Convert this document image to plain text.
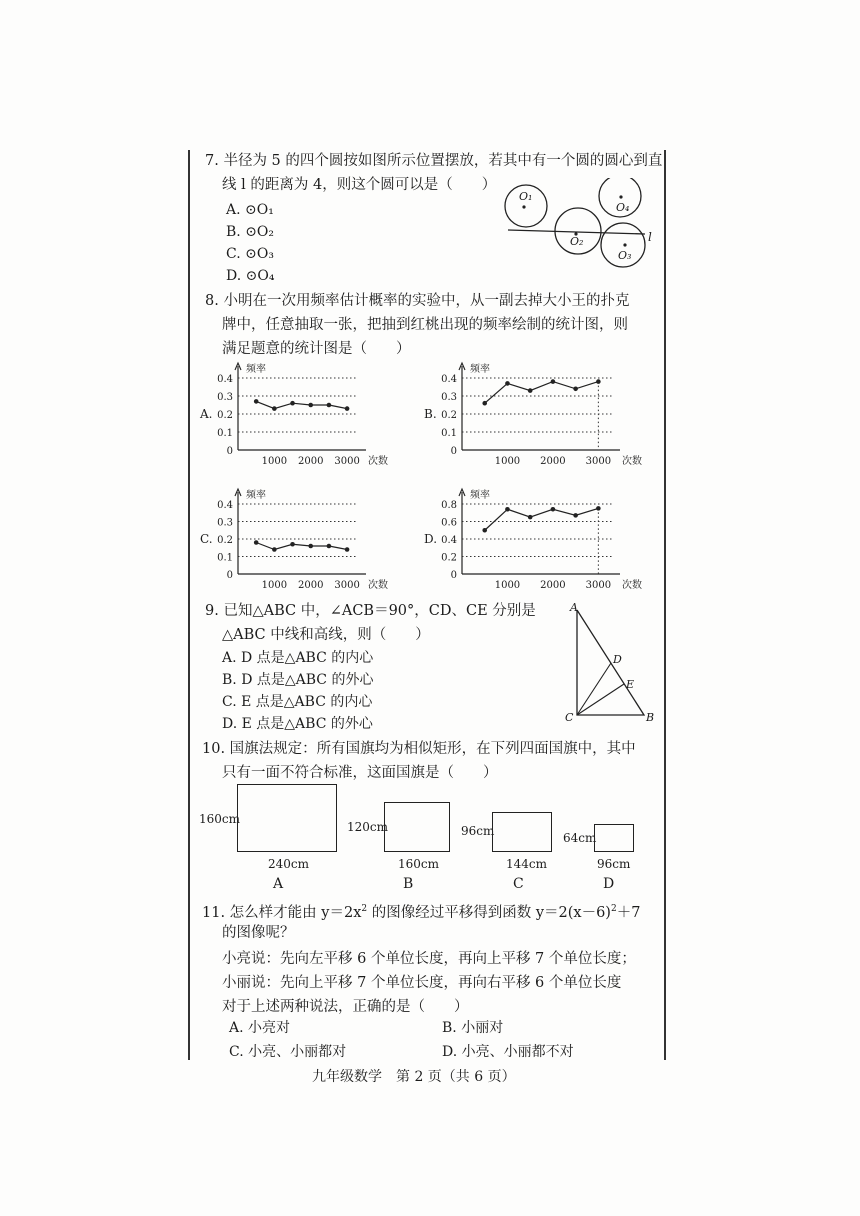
7. 半径为 5 的四个圆按如图所示位置摆放，若其中有一个圆的圆心到直
线 l 的距离为 4，则这个圆可以是（　　）
A. ⊙O₁
B. ⊙O₂
C. ⊙O₃
D. ⊙O₄
O₁
O₂
O₃
O₄
l
8. 小明在一次用频率估计概率的实验中，从一副去掉大小王的扑克
牌中，任意抽取一张，把抽到红桃出现的频率绘制的统计图，则
满足题意的统计图是（　　）
A.
频率
次数
0
0.1
0.2
0.3
0.4
1000 2000 3000
B.
频率
次数
0
0.1
0.2
0.3
0.4
1000 2000 3000
C.
频率
次数
0
0.1
0.2
0.3
0.4
1000 2000 3000
D.
频率
次数
0
0.2
0.4
0.6
0.8
1000 2000 3000
9. 已知△ABC 中，∠ACB＝90°，CD、CE 分别是
△ABC 中线和高线，则（　　）
A. D 点是△ABC 的内心
B. D 点是△ABC 的外心
C. E 点是△ABC 的内心
D. E 点是△ABC 的外心
A
D
E
C	B
10. 国旗法规定：所有国旗均为相似矩形，在下列四面国旗中，其中
只有一面不符合标准，这面国旗是（　　）
160cm
240cm
A
120cm
160cm
B
96cm
144cm
C
64cm
96cm
D
11. 怎么样才能由 $y=2x^2$ 的图像经过平移得到函数 $y=2(x-6)^2+7$
的图像呢？
小亮说：先向左平移 6 个单位长度，再向上平移 7 个单位长度；
小丽说：先向上平移 7 个单位长度，再向右平移 6 个单位长度
对于上述两种说法，正确的是（　　）
A. 小亮对	B. 小丽对
C. 小亮、小丽都对	D. 小亮、小丽都不对
九年级数学　第 2 页（共 6 页）
